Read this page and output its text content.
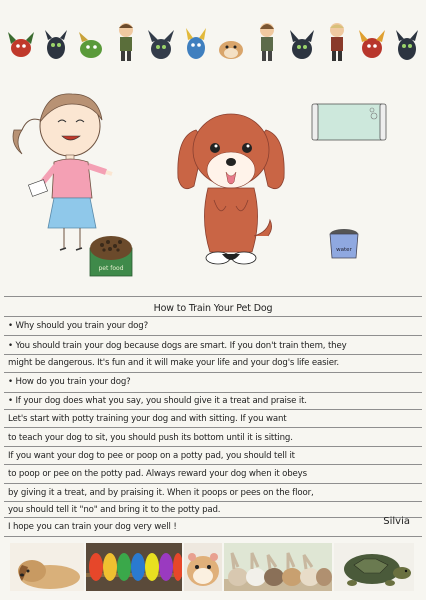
pet food
water
How to Train Your Pet Dog
• Why should you train your dog?
• You should train your dog because dogs are smart. If you don't train them, they
might be dangerous. It's fun and it will make your life and your dog's life easier.
• How do you train your dog?
• If your dog does what you say, you should give it a treat and praise it.
Let's start with potty training your dog and with sitting. If you want
to teach your dog to sit, you should push its bottom until it is sitting.
If you want your dog to pee or poop on a potty pad, you should tell it
to poop or pee on the potty pad. Always reward your dog when it obeys
by giving it a treat, and by praising it. When it poops or pees on the floor,
you should tell it "no" and bring it to the potty pad.
I hope you can train your dog very well !	Silvia
